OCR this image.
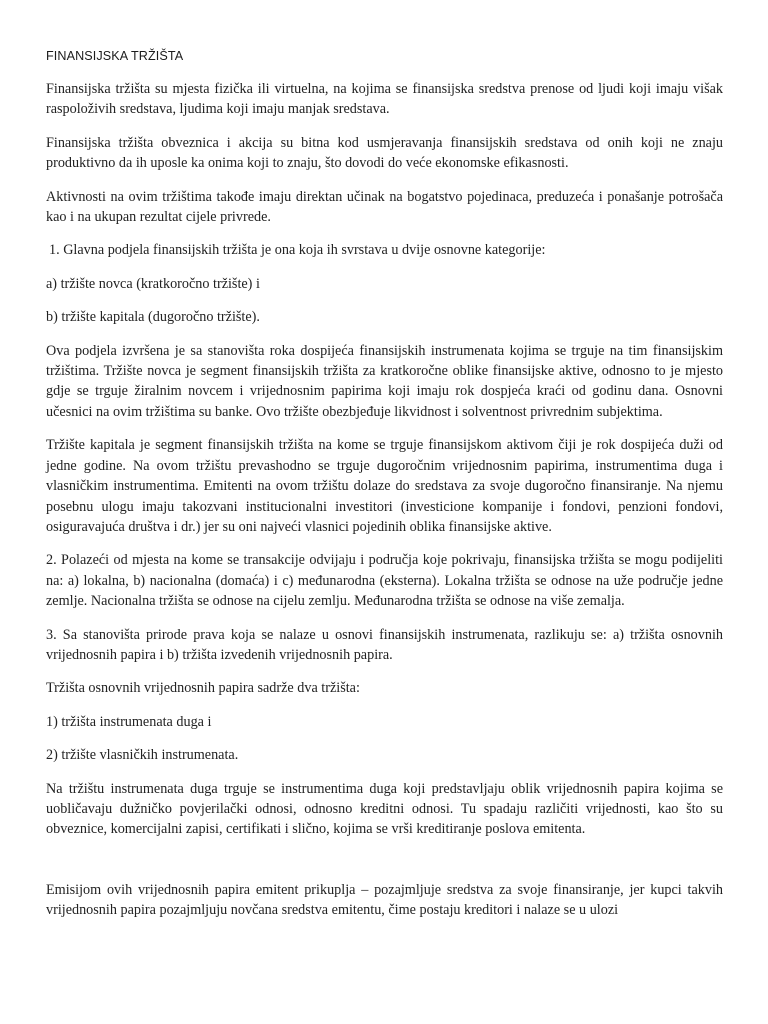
FINANSIJSKA TRŽIŠTA

Finansijska tržišta su mjesta fizička ili virtuelna, na kojima se finansijska sredstva prenose od ljudi koji imaju višak raspoloživih sredstava, ljudima koji imaju manjak sredstava.

Finansijska tržišta obveznica i akcija su bitna kod usmjeravanja finansijskih sredstava od onih koji ne znaju produktivno da ih uposle ka onima koji to znaju, što dovodi do veće ekonomske efikasnosti.

Aktivnosti na ovim tržištima takođe imaju direktan učinak na bogatstvo pojedinaca, preduzeća i ponašanje potrošača kao i na ukupan rezultat cijele privrede.

1. Glavna podjela finansijskih tržišta je ona koja ih svrstava u dvije osnovne kategorije:

a) tržište novca (kratkoročno tržište) i

b) tržište kapitala (dugoročno tržište).

Ova podjela izvršena je sa stanovišta roka dospijeća finansijskih instrumenata kojima se trguje na tim finansijskim tržištima. Tržište novca je segment finansijskih tržišta za kratkoročne oblike finansijske aktive, odnosno to je mjesto gdje se trguje žiralnim novcem i vrijednosnim papirima koji imaju rok dospjeća kraći od godinu dana. Osnovni učesnici na ovim tržištima su banke. Ovo tržište obezbjeđuje likvidnost i solventnost privrednim subjektima.

Tržište kapitala je segment finansijskih tržišta na kome se trguje finansijskom aktivom čiji je rok dospijeća duži od jedne godine. Na ovom tržištu prevashodno se trguje dugoročnim vrijednosnim papirima, instrumentima duga i vlasničkim instrumentima. Emitenti na ovom tržištu dolaze do sredstava za svoje dugoročno finansiranje. Na njemu posebnu ulogu imaju takozvani institucionalni investitori (investicione kompanije i fondovi, penzioni fondovi, osiguravajuća društva i dr.) jer su oni najveći vlasnici pojedinih oblika finansijske aktive.

2. Polazeći od mjesta na kome se transakcije odvijaju i područja koje pokrivaju, finansijska tržišta se mogu podijeliti na: a) lokalna, b) nacionalna (domaća) i c) međunarodna (eksterna). Lokalna tržišta se odnose na uže područje jedne zemlje. Nacionalna tržišta se odnose na cijelu zemlju. Međunarodna tržišta se odnose na više zemalja.

3. Sa stanovišta prirode prava koja se nalaze u osnovi finansijskih instrumenata, razlikuju se: a) tržišta osnovnih vrijednosnih papira i b) tržišta izvedenih vrijednosnih papira.

Tržišta osnovnih vrijednosnih papira sadrže dva tržišta:

1) tržišta instrumenata duga i

2) tržište vlasničkih instrumenata.

Na tržištu instrumenata duga trguje se instrumentima duga koji predstavljaju oblik vrijednosnih papira kojima se uobličavaju dužničko povjerilački odnosi, odnosno kreditni odnosi. Tu spadaju različiti vrijednosti, kao što su obveznice, komercijalni zapisi, certifikati i slično, kojima se vrši kreditiranje poslova emitenta.

Emisijom ovih vrijednosnih papira emitent prikuplja – pozajmljuje sredstva za svoje finansiranje, jer kupci takvih vrijednosnih papira pozajmljuju novčana sredstva emitentu, čime postaju kreditori i nalaze se u ulozi
